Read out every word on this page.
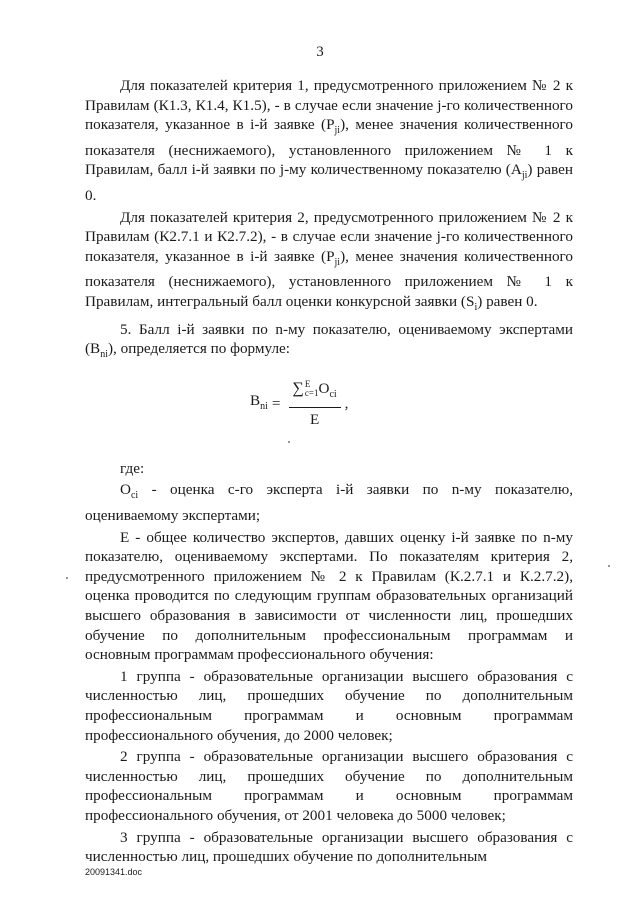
3

Для показателей критерия 1, предусмотренного приложением № 2 к Правилам (К1.3, К1.4, К1.5), - в случае если значение j-го количественного показателя, указанное в i-й заявке $(P_{ji})$, менее значения количественного показателя (неснижаемого), установленного приложением № 1 к Правилам, балл i-й заявки по j-му количественному показателю $(A_{ji})$ равен 0.

Для показателей критерия 2, предусмотренного приложением № 2 к Правилам (К2.7.1 и К2.7.2), - в случае если значение j-го количественного показателя, указанное в i-й заявке $(P_{ji})$, менее значения количественного показателя (неснижаемого), установленного приложением № 1 к Правилам, интегральный балл оценки конкурсной заявки $(S_i)$ равен 0.

5. Балл i-й заявки по n-му показателю, оцениваемому экспертами $(B_{ni})$, определяется по формуле:

$B_{ni}$ = ∑ E
c=1 $O_{ci}$
E ,

где:

$O_{ci}$ - оценка c-го эксперта i-й заявки по n-му показателю, оцениваемому экспертами;

E - общее количество экспертов, давших оценку i-й заявке по n-му показателю, оцениваемому экспертами. По показателям критерия 2, предусмотренного приложением № 2 к Правилам (К.2.7.1 и К.2.7.2), оценка проводится по следующим группам образовательных организаций высшего образования в зависимости от численности лиц, прошедших обучение по дополнительным профессиональным программам и основным программам профессионального обучения:

1 группа - образовательные организации высшего образования с численностью лиц, прошедших обучение по дополнительным профессиональным программам и основным программам профессионального обучения, до 2000 человек;

2 группа - образовательные организации высшего образования с численностью лиц, прошедших обучение по дополнительным профессиональным программам и основным программам профессионального обучения, от 2001 человека до 5000 человек;

3 группа - образовательные организации высшего образования с численностью лиц, прошедших обучение по дополнительным

20091341.doc
